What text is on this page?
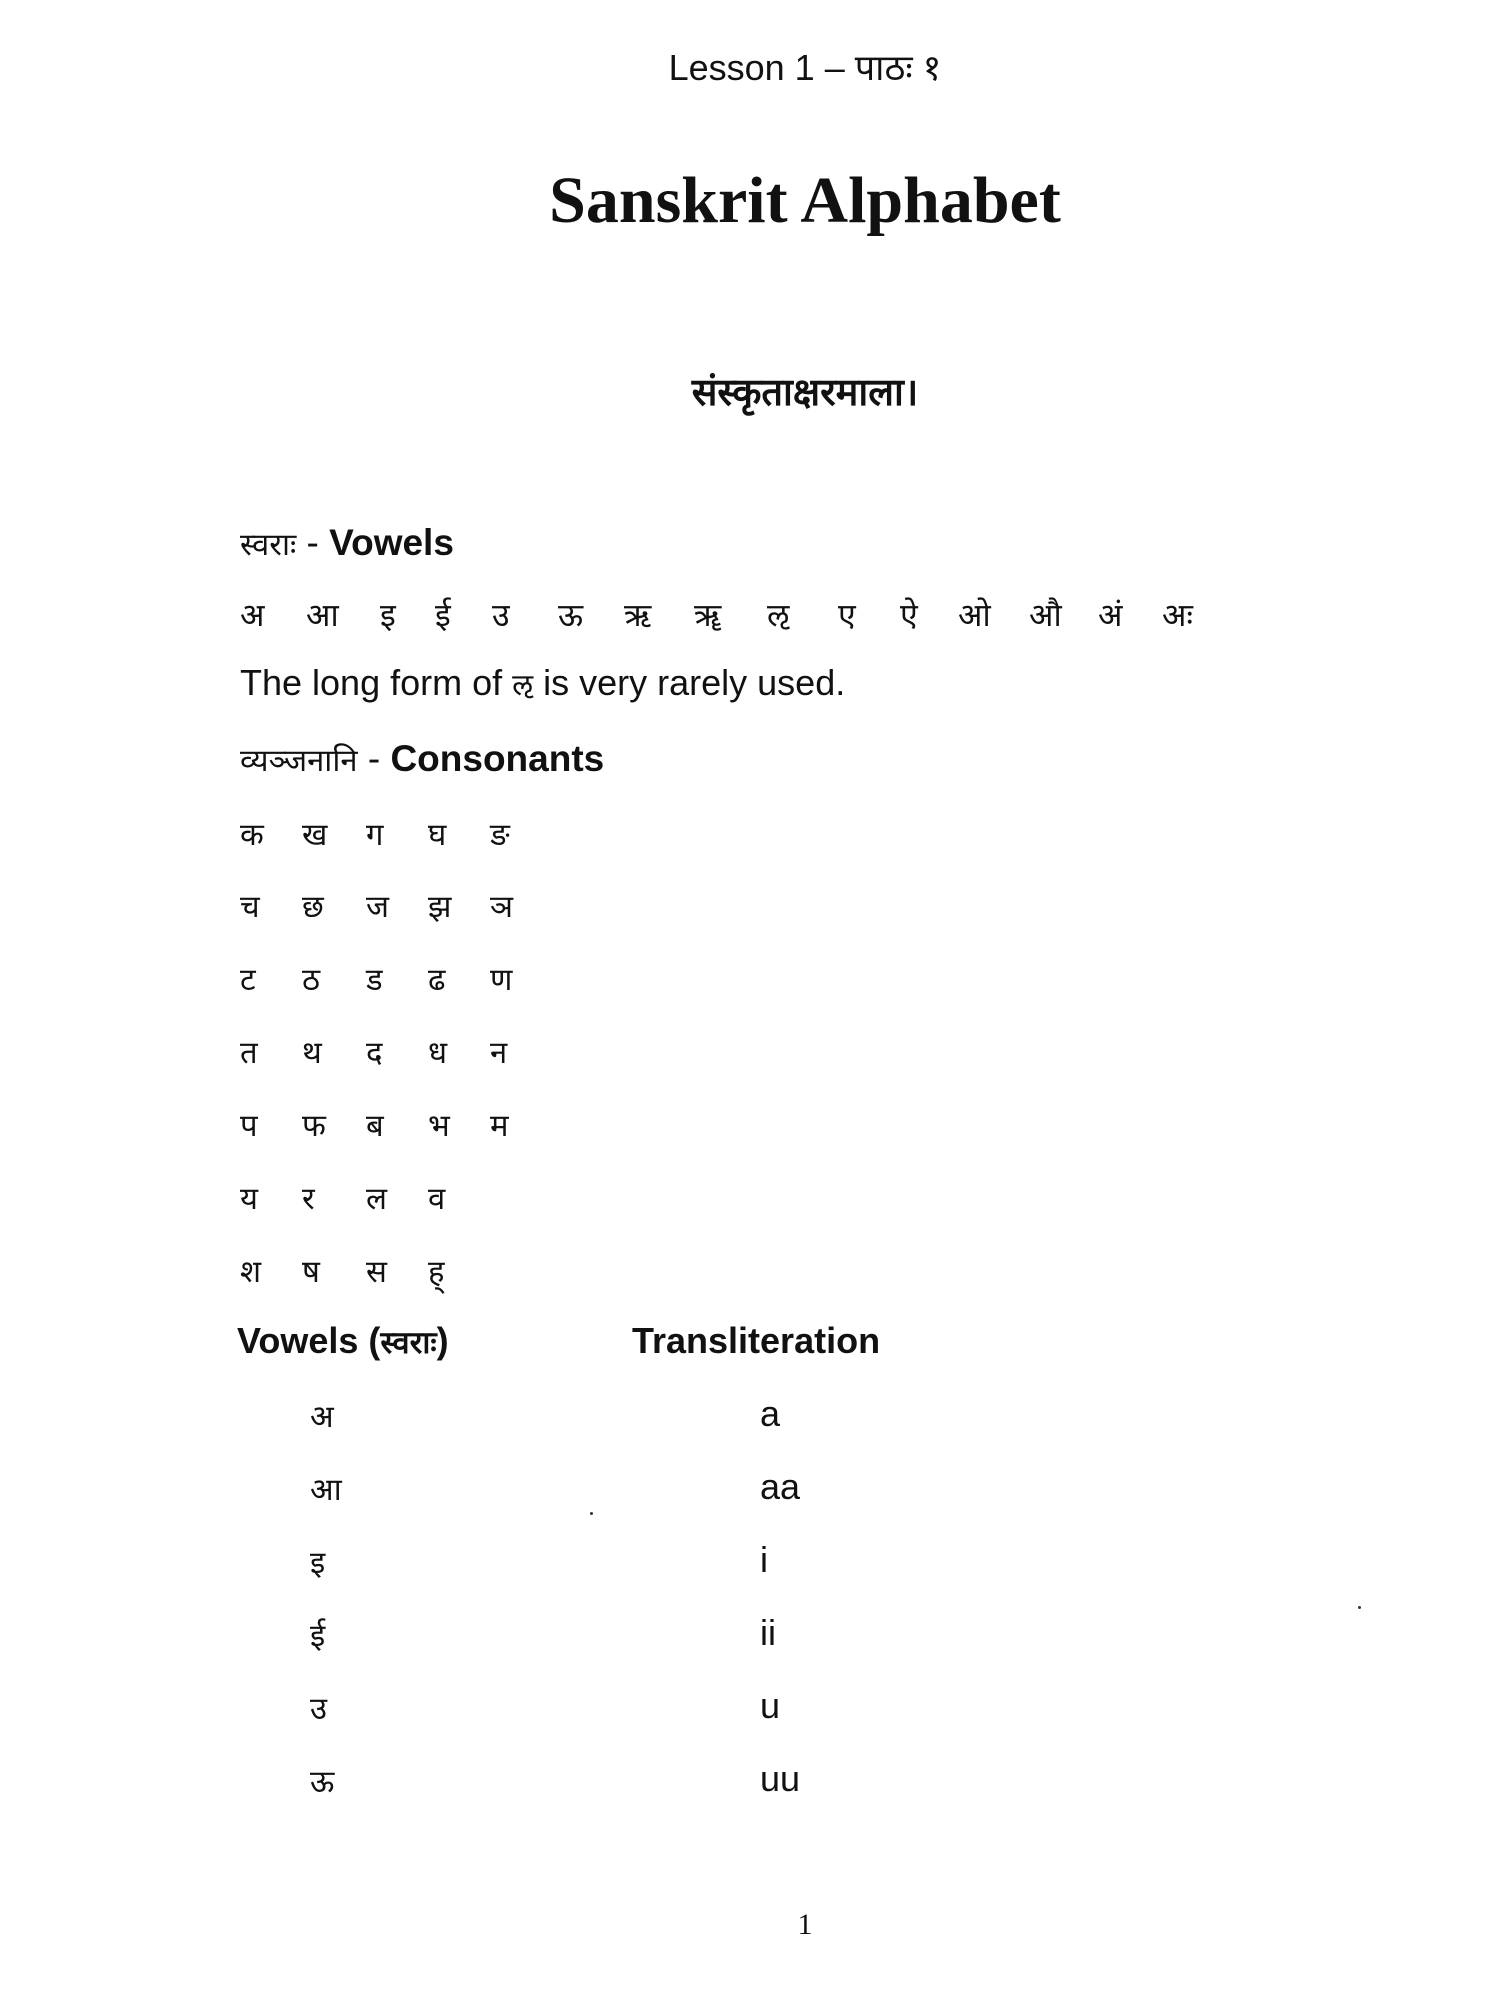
Lesson 1 – पाठः १
Sanskrit Alphabet
संस्कृताक्षरमाला।
स्वराः - Vowels
अ आ इ ई उ ऊ ऋ ॠ ऌ ए ऐ ओ औ अं अः
The long form of ऌ is very rarely used.
व्यञ्जनानि - Consonants
क ख ग घ ङ
च छ ज झ ञ
ट ठ ड ढ ण
त थ द ध न
प फ ब भ म
य र ल व
श ष स ह्
Vowels (स्वराः)	Transliteration
अ	a
आ	aa
इ	i
ई	ii
उ	u
ऊ	uu
1
